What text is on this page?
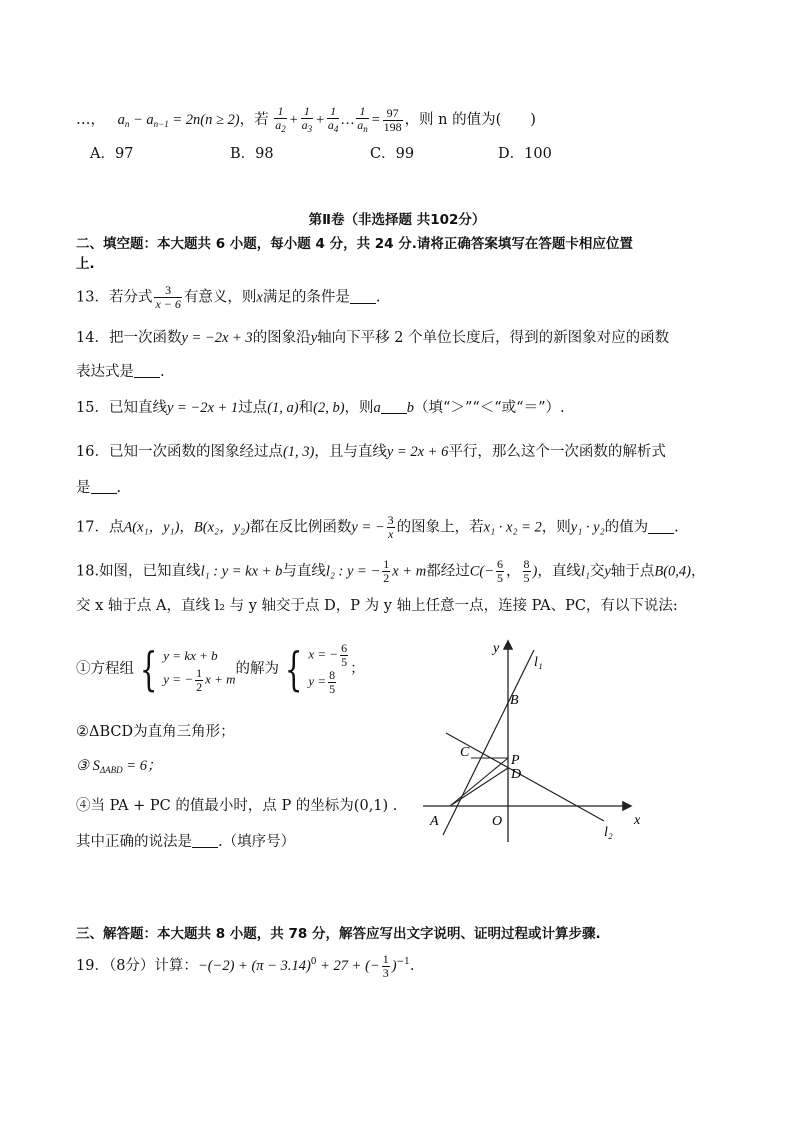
…， $a_n - a_{n-1} = 2n(n \ge 2)$，若 $\frac{1}{a_2} + \frac{1}{a_3} + \frac{1}{a_4}$ … $\frac{1}{a_n} = \frac{97}{198}$ ，则 n 的值为(　　)
A．97	B．98	C．99	D．100
第Ⅱ卷（非选择题 共102分）
二、填空题：本大题共 6 小题，每小题 4 分，共 24 分.请将正确答案填写在答题卡相应位置
上.
13．若分式 $\frac{3}{x - 6}$ 有意义，则x满足的条件是 .
14．把一次函数y = −2x + 3的图象沿y轴向下平移 2 个单位长度后，得到的新图象对应的函数
表达式是 .
15．已知直线y = −2x + 1过点(1, a)和(2, b)，则a b（填“＞”“＜“或“＝”）.
16．已知一次函数的图象经过点(1, 3)，且与直线y = 2x + 6平行，那么这个一次函数的解析式
是 .
17．点A(x₁，y₁)，B(x₂，y₂)都在反比例函数y = − $\frac{3}{x}$ 的图象上，若x₁ · x₂ = 2，则y₁ · y₂的值为 .
18.如图，已知直线l₁ : y = kx + b与直线l₂ : y = − $\frac{1}{2}$ x + m都经过$C(- \frac{6}{5}$ ， $\frac{8}{5}$ )，直线l₁交y轴于点B(0,4)，
交 x 轴于点 A，直线 l₂ 与 y 轴交于点 D，P 为 y 轴上任意一点，连接 PA、PC，有以下说法:
①方程组 { y = kx + b
y = − $\frac{1}{2}$ x + m
的解为 { x = − $\frac{6}{5}$
$y = \frac{8}{5}$ ；
②ΔBCD为直角三角形；
③ $S_{\Delta ABD} = 6$；
④当 PA + PC 的值最小时，点 P 的坐标为(0,1) .
其中正确的说法是 .（填序号）
y
x
l₁
l₂
B
C
P
D
A	O
三、解答题：本大题共 8 小题，共 78 分，解答应写出文字说明、证明过程或计算步骤.
19．（8分）计算：$-(-2) + (\pi - 3.14)^0 + 27$ + (− $\frac{1}{3} )^{-1}$.
